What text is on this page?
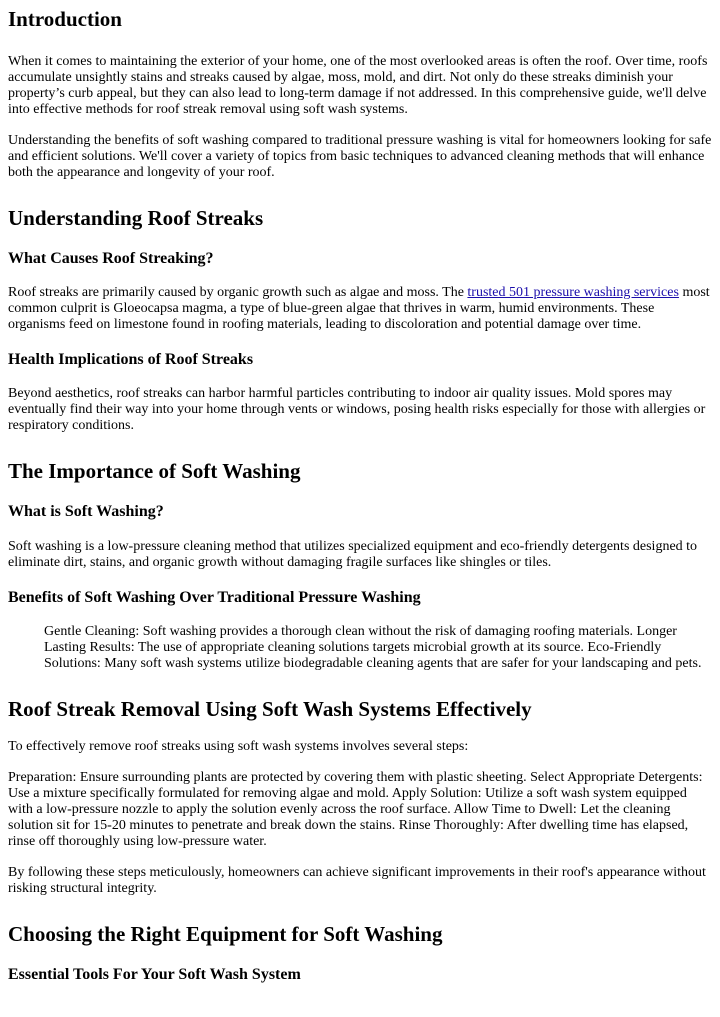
Introduction

When it comes to maintaining the exterior of your home, one of the most overlooked areas is often the roof. Over time, roofs accumulate unsightly stains and streaks caused by algae, moss, mold, and dirt. Not only do these streaks diminish your property’s curb appeal, but they can also lead to long-term damage if not addressed. In this comprehensive guide, we'll delve into effective methods for roof streak removal using soft wash systems.

Understanding the benefits of soft washing compared to traditional pressure washing is vital for homeowners looking for safe and efficient solutions. We'll cover a variety of topics from basic techniques to advanced cleaning methods that will enhance both the appearance and longevity of your roof.

Understanding Roof Streaks
What Causes Roof Streaking?

Roof streaks are primarily caused by organic growth such as algae and moss. The trusted 501 pressure washing services most common culprit is Gloeocapsa magma, a type of blue-green algae that thrives in warm, humid environments. These organisms feed on limestone found in roofing materials, leading to discoloration and potential damage over time.

Health Implications of Roof Streaks

Beyond aesthetics, roof streaks can harbor harmful particles contributing to indoor air quality issues. Mold spores may eventually find their way into your home through vents or windows, posing health risks especially for those with allergies or respiratory conditions.

The Importance of Soft Washing
What is Soft Washing?

Soft washing is a low-pressure cleaning method that utilizes specialized equipment and eco-friendly detergents designed to eliminate dirt, stains, and organic growth without damaging fragile surfaces like shingles or tiles.

Benefits of Soft Washing Over Traditional Pressure Washing
Gentle Cleaning: Soft washing provides a thorough clean without the risk of damaging roofing materials. Longer Lasting Results: The use of appropriate cleaning solutions targets microbial growth at its source. Eco-Friendly Solutions: Many soft wash systems utilize biodegradable cleaning agents that are safer for your landscaping and pets.
Roof Streak Removal Using Soft Wash Systems Effectively

To effectively remove roof streaks using soft wash systems involves several steps:

Preparation: Ensure surrounding plants are protected by covering them with plastic sheeting. Select Appropriate Detergents: Use a mixture specifically formulated for removing algae and mold. Apply Solution: Utilize a soft wash system equipped with a low-pressure nozzle to apply the solution evenly across the roof surface. Allow Time to Dwell: Let the cleaning solution sit for 15-20 minutes to penetrate and break down the stains. Rinse Thoroughly: After dwelling time has elapsed, rinse off thoroughly using low-pressure water.

By following these steps meticulously, homeowners can achieve significant improvements in their roof's appearance without risking structural integrity.

Choosing the Right Equipment for Soft Washing
Essential Tools For Your Soft Wash System
